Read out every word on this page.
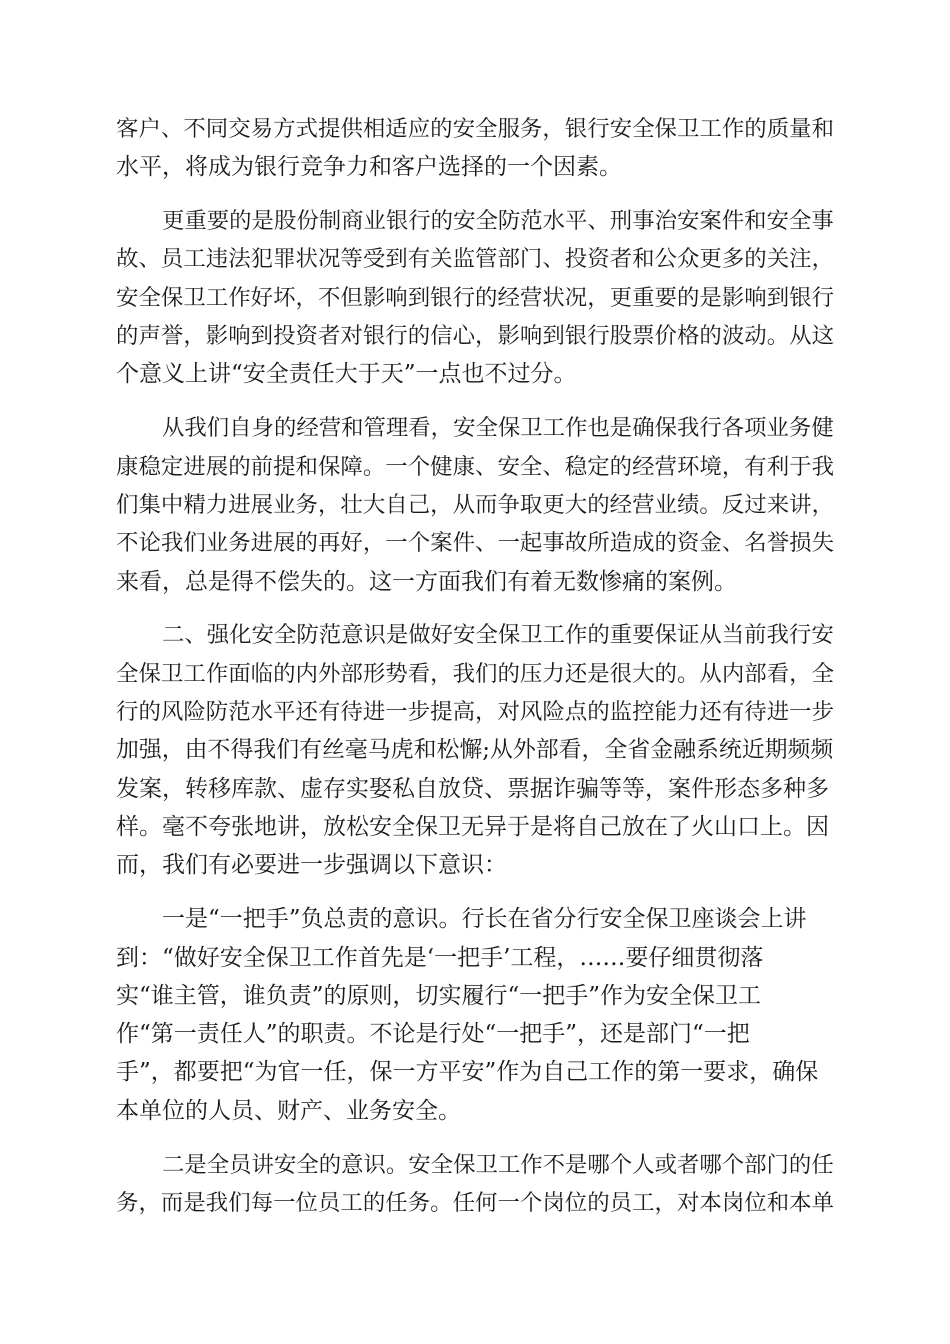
客户、不同交易方式提供相适应的安全服务，银行安全保卫工作的质量和
水平，将成为银行竞争力和客户选择的一个因素。
更重要的是股份制商业银行的安全防范水平、刑事治安案件和安全事
故、员工违法犯罪状况等受到有关监管部门、投资者和公众更多的关注，
安全保卫工作好坏，不但影响到银行的经营状况，更重要的是影响到银行
的声誉，影响到投资者对银行的信心，影响到银行股票价格的波动。从这
个意义上讲“安全责任大于天”一点也不过分。
从我们自身的经营和管理看，安全保卫工作也是确保我行各项业务健
康稳定进展的前提和保障。一个健康、安全、稳定的经营环境，有利于我
们集中精力进展业务，壮大自己，从而争取更大的经营业绩。反过来讲，
不论我们业务进展的再好，一个案件、一起事故所造成的资金、名誉损失
来看，总是得不偿失的。这一方面我们有着无数惨痛的案例。
二、强化安全防范意识是做好安全保卫工作的重要保证从当前我行安
全保卫工作面临的内外部形势看，我们的压力还是很大的。从内部看，全
行的风险防范水平还有待进一步提高，对风险点的监控能力还有待进一步
加强，由不得我们有丝毫马虎和松懈;从外部看，全省金融系统近期频频
发案，转移库款、虚存实娶私自放贷、票据诈骗等等，案件形态多种多
样。毫不夸张地讲，放松安全保卫无异于是将自己放在了火山口上。因
而，我们有必要进一步强调以下意识：
一是“一把手”负总责的意识。行长在省分行安全保卫座谈会上讲
到：“做好安全保卫工作首先是‘一把手’工程，……要仔细贯彻落
实“谁主管，谁负责”的原则，切实履行“一把手”作为安全保卫工
作“第一责任人”的职责。不论是行处“一把手”，还是部门“一把
手”，都要把“为官一任，保一方平安”作为自己工作的第一要求，确保
本单位的人员、财产、业务安全。
二是全员讲安全的意识。安全保卫工作不是哪个人或者哪个部门的任
务，而是我们每一位员工的任务。任何一个岗位的员工，对本岗位和本单
